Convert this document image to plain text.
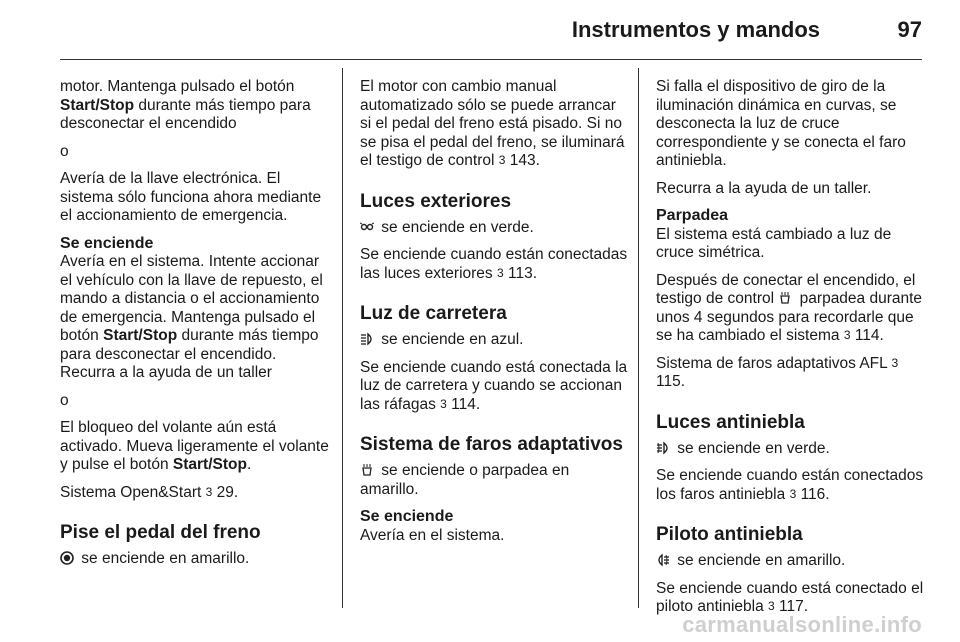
Instrumentos y mandos	97

motor. Mantenga pulsado el botón Start/Stop durante más tiempo para desconectar el encendido

o

Avería de la llave electrónica. El sistema sólo funciona ahora mediante el accionamiento de emergencia.

Se enciende

Avería en el sistema. Intente accionar el vehículo con la llave de repuesto, el mando a distancia o el accionamiento de emergencia. Mantenga pulsado el botón Start/Stop durante más tiempo para desconectar el encendido. Recurra a la ayuda de un taller

o

El bloqueo del volante aún está activado. Mueva ligeramente el volante y pulse el botón Start/Stop.

Sistema Open&Start 3 29.

Pise el pedal del freno

se enciende en amarillo.

El motor con cambio manual automatizado sólo se puede arrancar si el pedal del freno está pisado. Si no se pisa el pedal del freno, se iluminará el testigo de control 3 143.

Luces exteriores

se enciende en verde.

Se enciende cuando están conectadas las luces exteriores 3 113.

Luz de carretera

se enciende en azul.

Se enciende cuando está conectada la luz de carretera y cuando se accionan las ráfagas 3 114.

Sistema de faros adaptativos

se enciende o parpadea en amarillo.

Se enciende

Avería en el sistema.

Si falla el dispositivo de giro de la iluminación dinámica en curvas, se desconecta la luz de cruce correspondiente y se conecta el faro antiniebla.

Recurra a la ayuda de un taller.

Parpadea

El sistema está cambiado a luz de cruce simétrica.

Después de conectar el encendido, el testigo de control  parpadea durante unos 4 segundos para recordarle que se ha cambiado el sistema 3 114.

Sistema de faros adaptativos AFL 3 115.

Luces antiniebla

se enciende en verde.

Se enciende cuando están conectados los faros antiniebla 3 116.

Piloto antiniebla

se enciende en amarillo.

Se enciende cuando está conectado el piloto antiniebla 3 117.

carmanualsonline.info
